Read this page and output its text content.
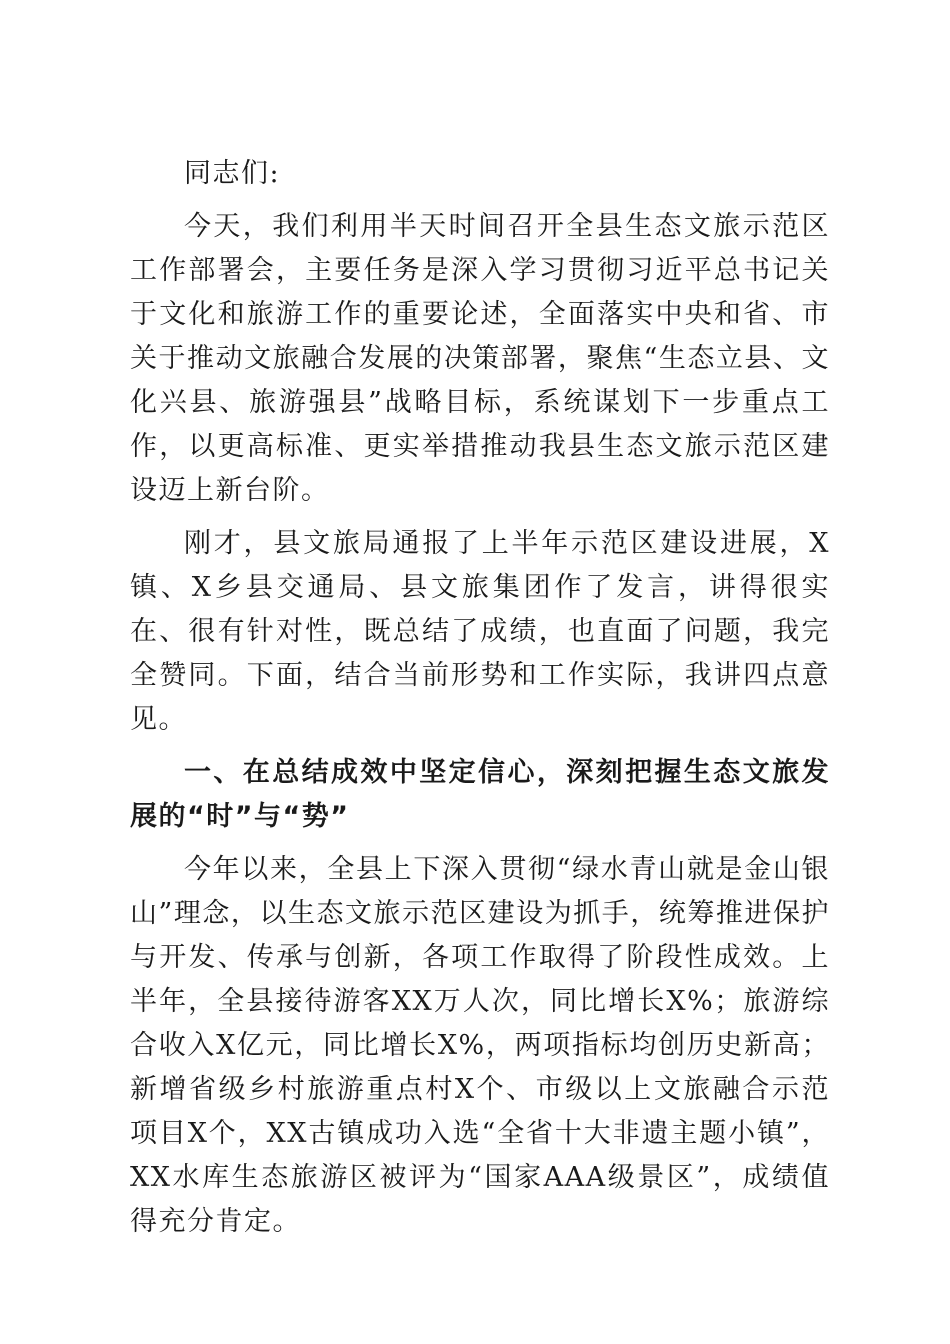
同志们:

今天，我们利用半天时间召开全县生态文旅示范区工作部署会，主要任务是深入学习贯彻习近平总书记关于文化和旅游工作的重要论述，全面落实中央和省、市关于推动文旅融合发展的决策部署，聚焦“生态立县、文化兴县、旅游强县”战略目标，系统谋划下一步重点工作，以更高标准、更实举措推动我县生态文旅示范区建设迈上新台阶。

刚才，县文旅局通报了上半年示范区建设进展，X镇、X乡县交通局、县文旅集团作了发言，讲得很实在、很有针对性，既总结了成绩，也直面了问题，我完全赞同。下面，结合当前形势和工作实际，我讲四点意见。

一、在总结成效中坚定信心，深刻把握生态文旅发展的“时”与“势”

今年以来，全县上下深入贯彻“绿水青山就是金山银山”理念，以生态文旅示范区建设为抓手，统筹推进保护与开发、传承与创新，各项工作取得了阶段性成效。上半年，全县接待游客XX万人次，同比增长X%；旅游综合收入X亿元，同比增长X%，两项指标均创历史新高；新增省级乡村旅游重点村X个、市级以上文旅融合示范项目X个，XX古镇成功入选“全省十大非遗主题小镇”，XX水库生态旅游区被评为“国家AAA级景区”，成绩值得充分肯定。
